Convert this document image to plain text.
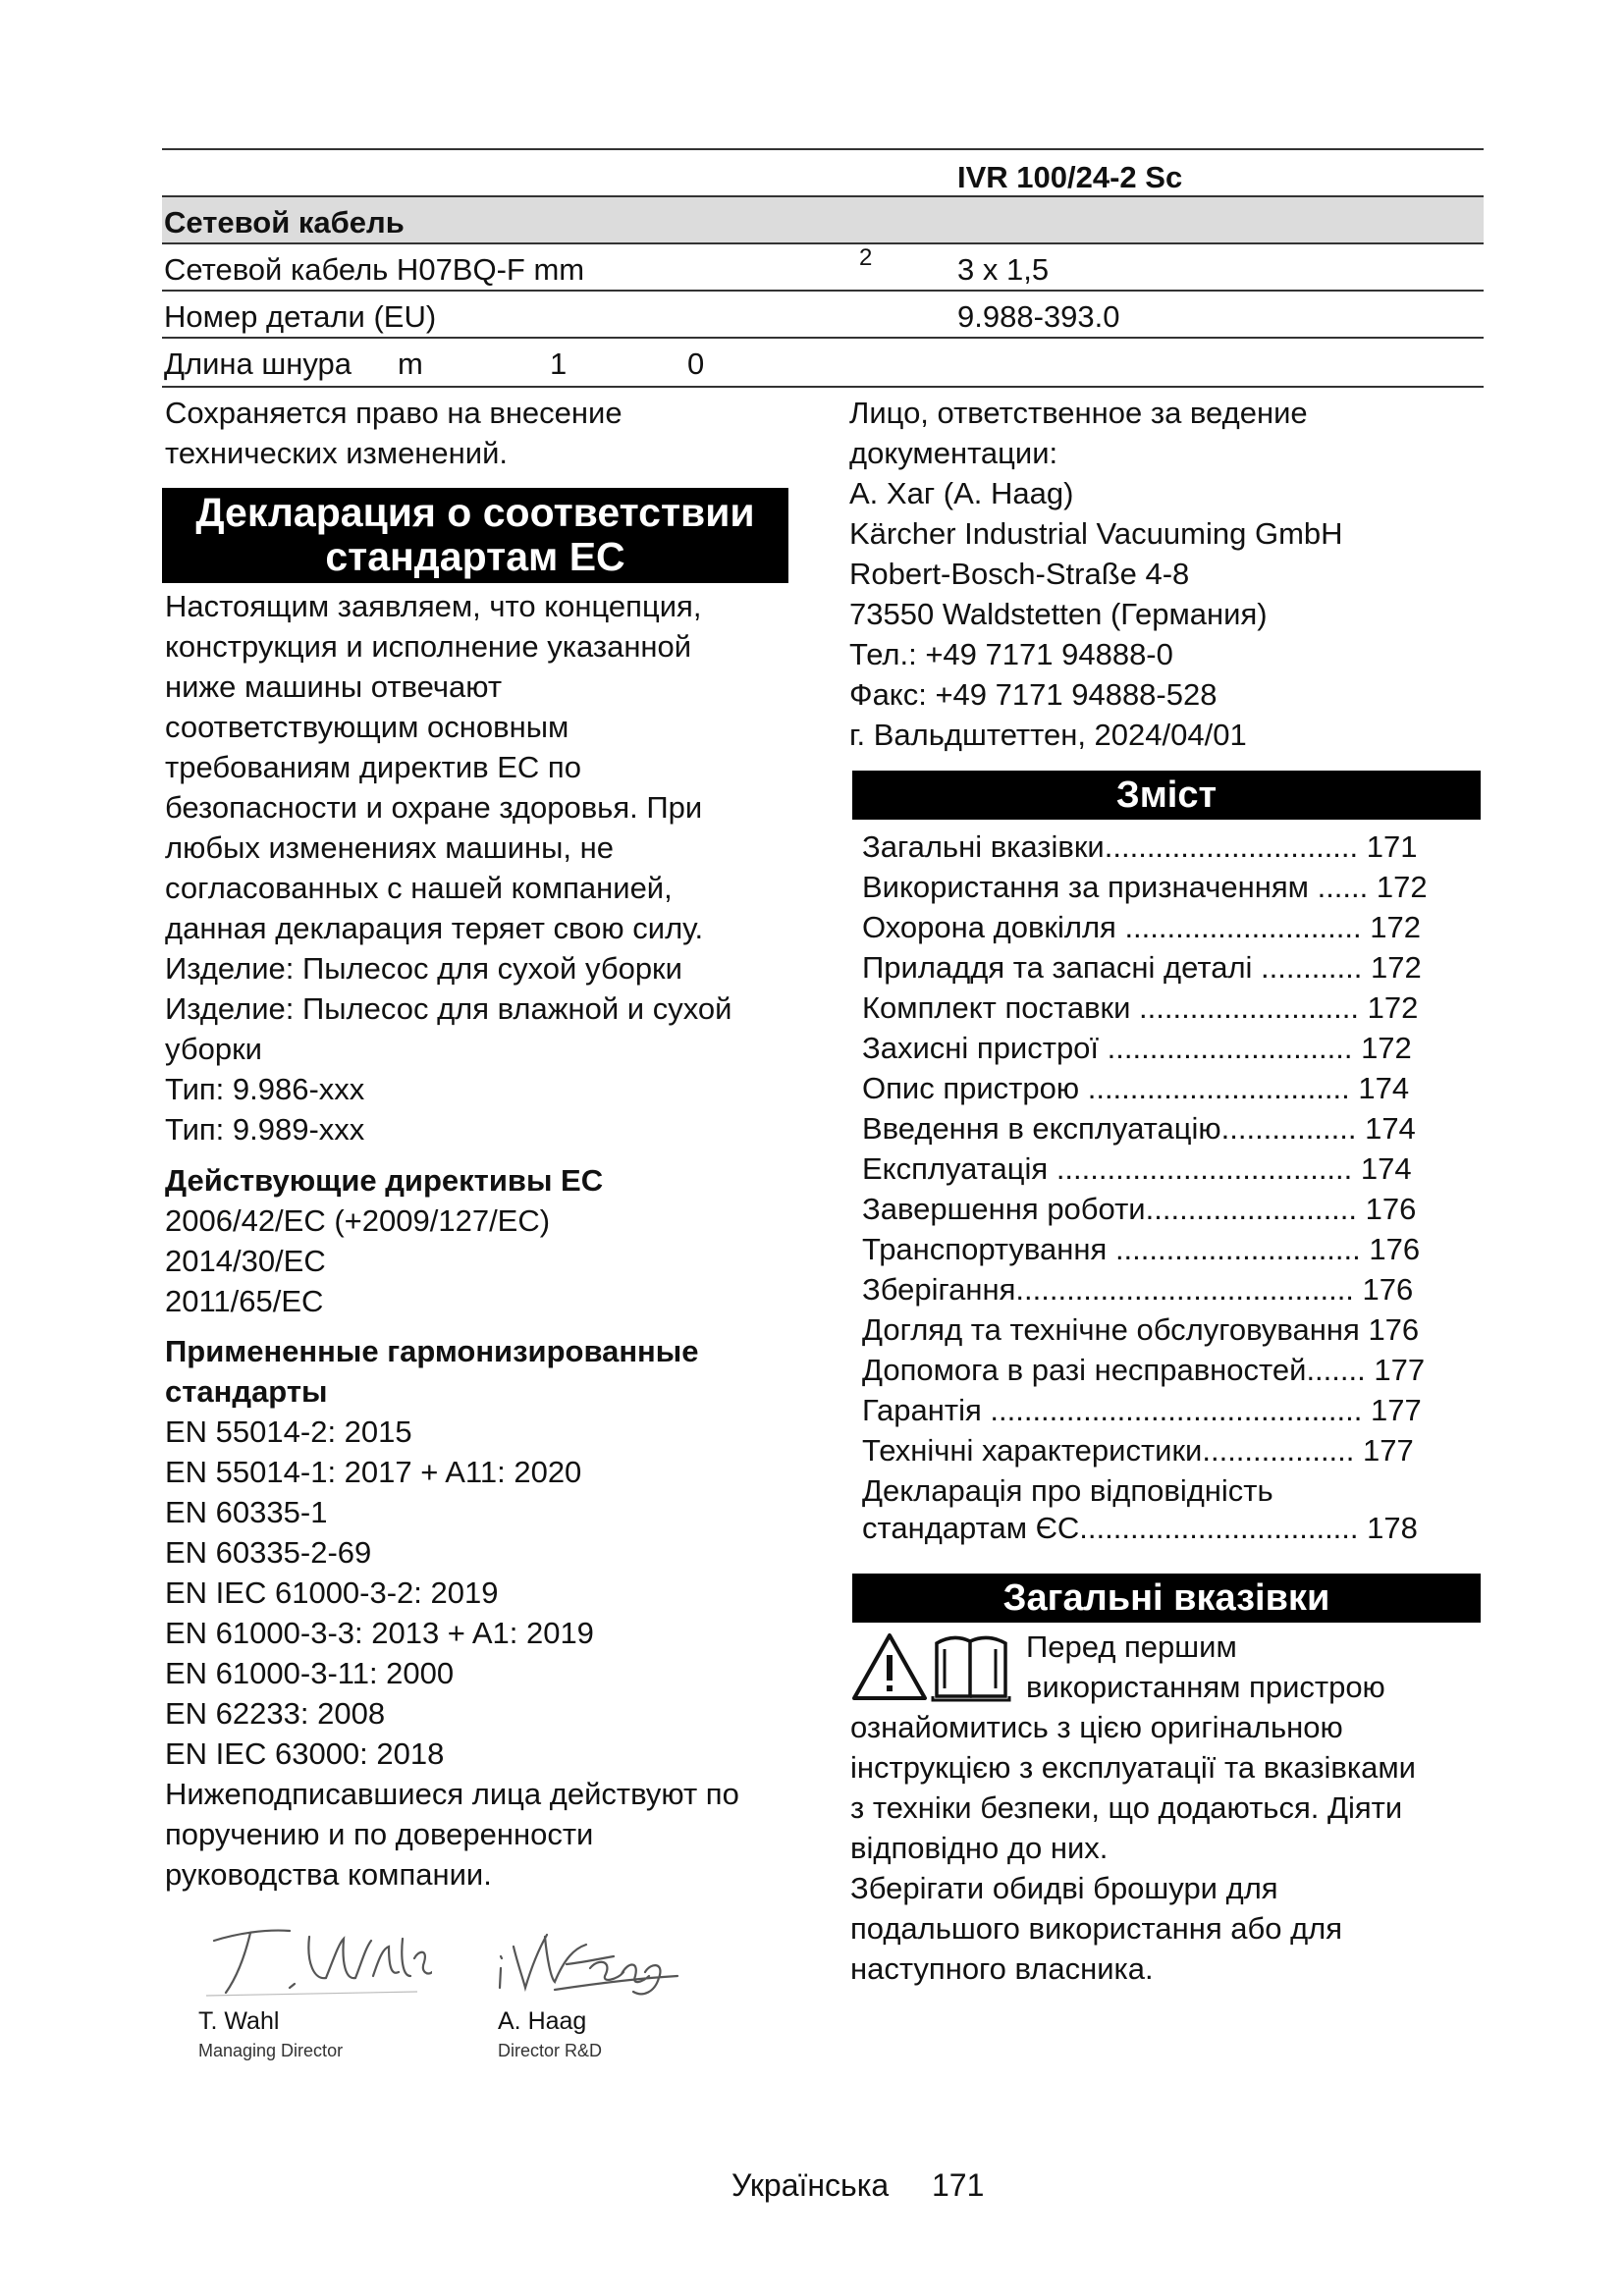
IVR 100/24-2 Sc
Сетевой кабель
Сетевой кабель H07BQ-F mm	2	3 x 1,5
Номер детали (EU)	9.988-393.0
Длина шнура m	1	0

Сохраняется право на внесение

технических изменений.

Декларация о соответствии

стандартам ЕС

Настоящим заявляем, что концепция,

конструкция и исполнение указанной

ниже машины отвечают

соответствующим основным

требованиям директив ЕС по

безопасности и охране здоровья. При

любых изменениях машины, не

согласованных с нашей компанией,

данная декларация теряет свою силу.

Изделие: Пылесос для сухой уборки

Изделие: Пылесос для влажной и сухой

уборки

Тип: 9.986-xxx

Тип: 9.989-xxx

Действующие директивы ЕС

2006/42/EC (+2009/127/EC)

2014/30/EC

2011/65/EC

Примененные гармонизированные

стандарты

EN 55014-2: 2015

EN 55014-1: 2017 + A11: 2020

EN 60335-1

EN 60335-2-69

EN IEC 61000-3-2: 2019

EN 61000-3-3: 2013 + A1: 2019

EN 61000-3-11: 2000

EN 62233: 2008

EN IEC 63000: 2018

Нижеподписавшиеся лица действуют по

поручению и по доверенности

руководства компании.

T. Wahl
Managing Director
A. Haag
Director R&D

Лицо, ответственное за ведение

документации:

А. Хаг (A. Haag)

Kärcher Industrial Vacuuming GmbH

Robert-Bosch-Straße 4-8

73550 Waldstetten (Германия)

Тел.: +49 7171 94888-0

Факс: +49 7171 94888-528

г. Вальдштеттен, 2024/04/01

Зміст

Загальні вказівки.............................. 171
Використання за призначенням ...... 172
Охорона довкілля ............................ 172
Приладдя та запасні деталі ............ 172
Комплект поставки .......................... 172
Захисні пристрої ............................. 172
Опис пристрою ............................... 174
Введення в експлуатацію................ 174
Експлуатація ................................... 174
Завершення роботи......................... 176
Транспортування ............................. 176
Зберігання........................................ 176
Догляд та технічне обслуговування 176
Допомога в разі несправностей....... 177
Гарантія ............................................ 177
Технічні характеристики.................. 177
Декларація про відповідність
стандартам ЄС................................. 178

Загальні вказівки

Перед першим

використанням пристрою

ознайомитись з цією оригінальною

інструкцією з експлуатації та вказівками

з техніки безпеки, що додаються. Діяти

відповідно до них.

Зберігати обидві брошури для

подальшого використання або для

наступного власника.

Українська 171
